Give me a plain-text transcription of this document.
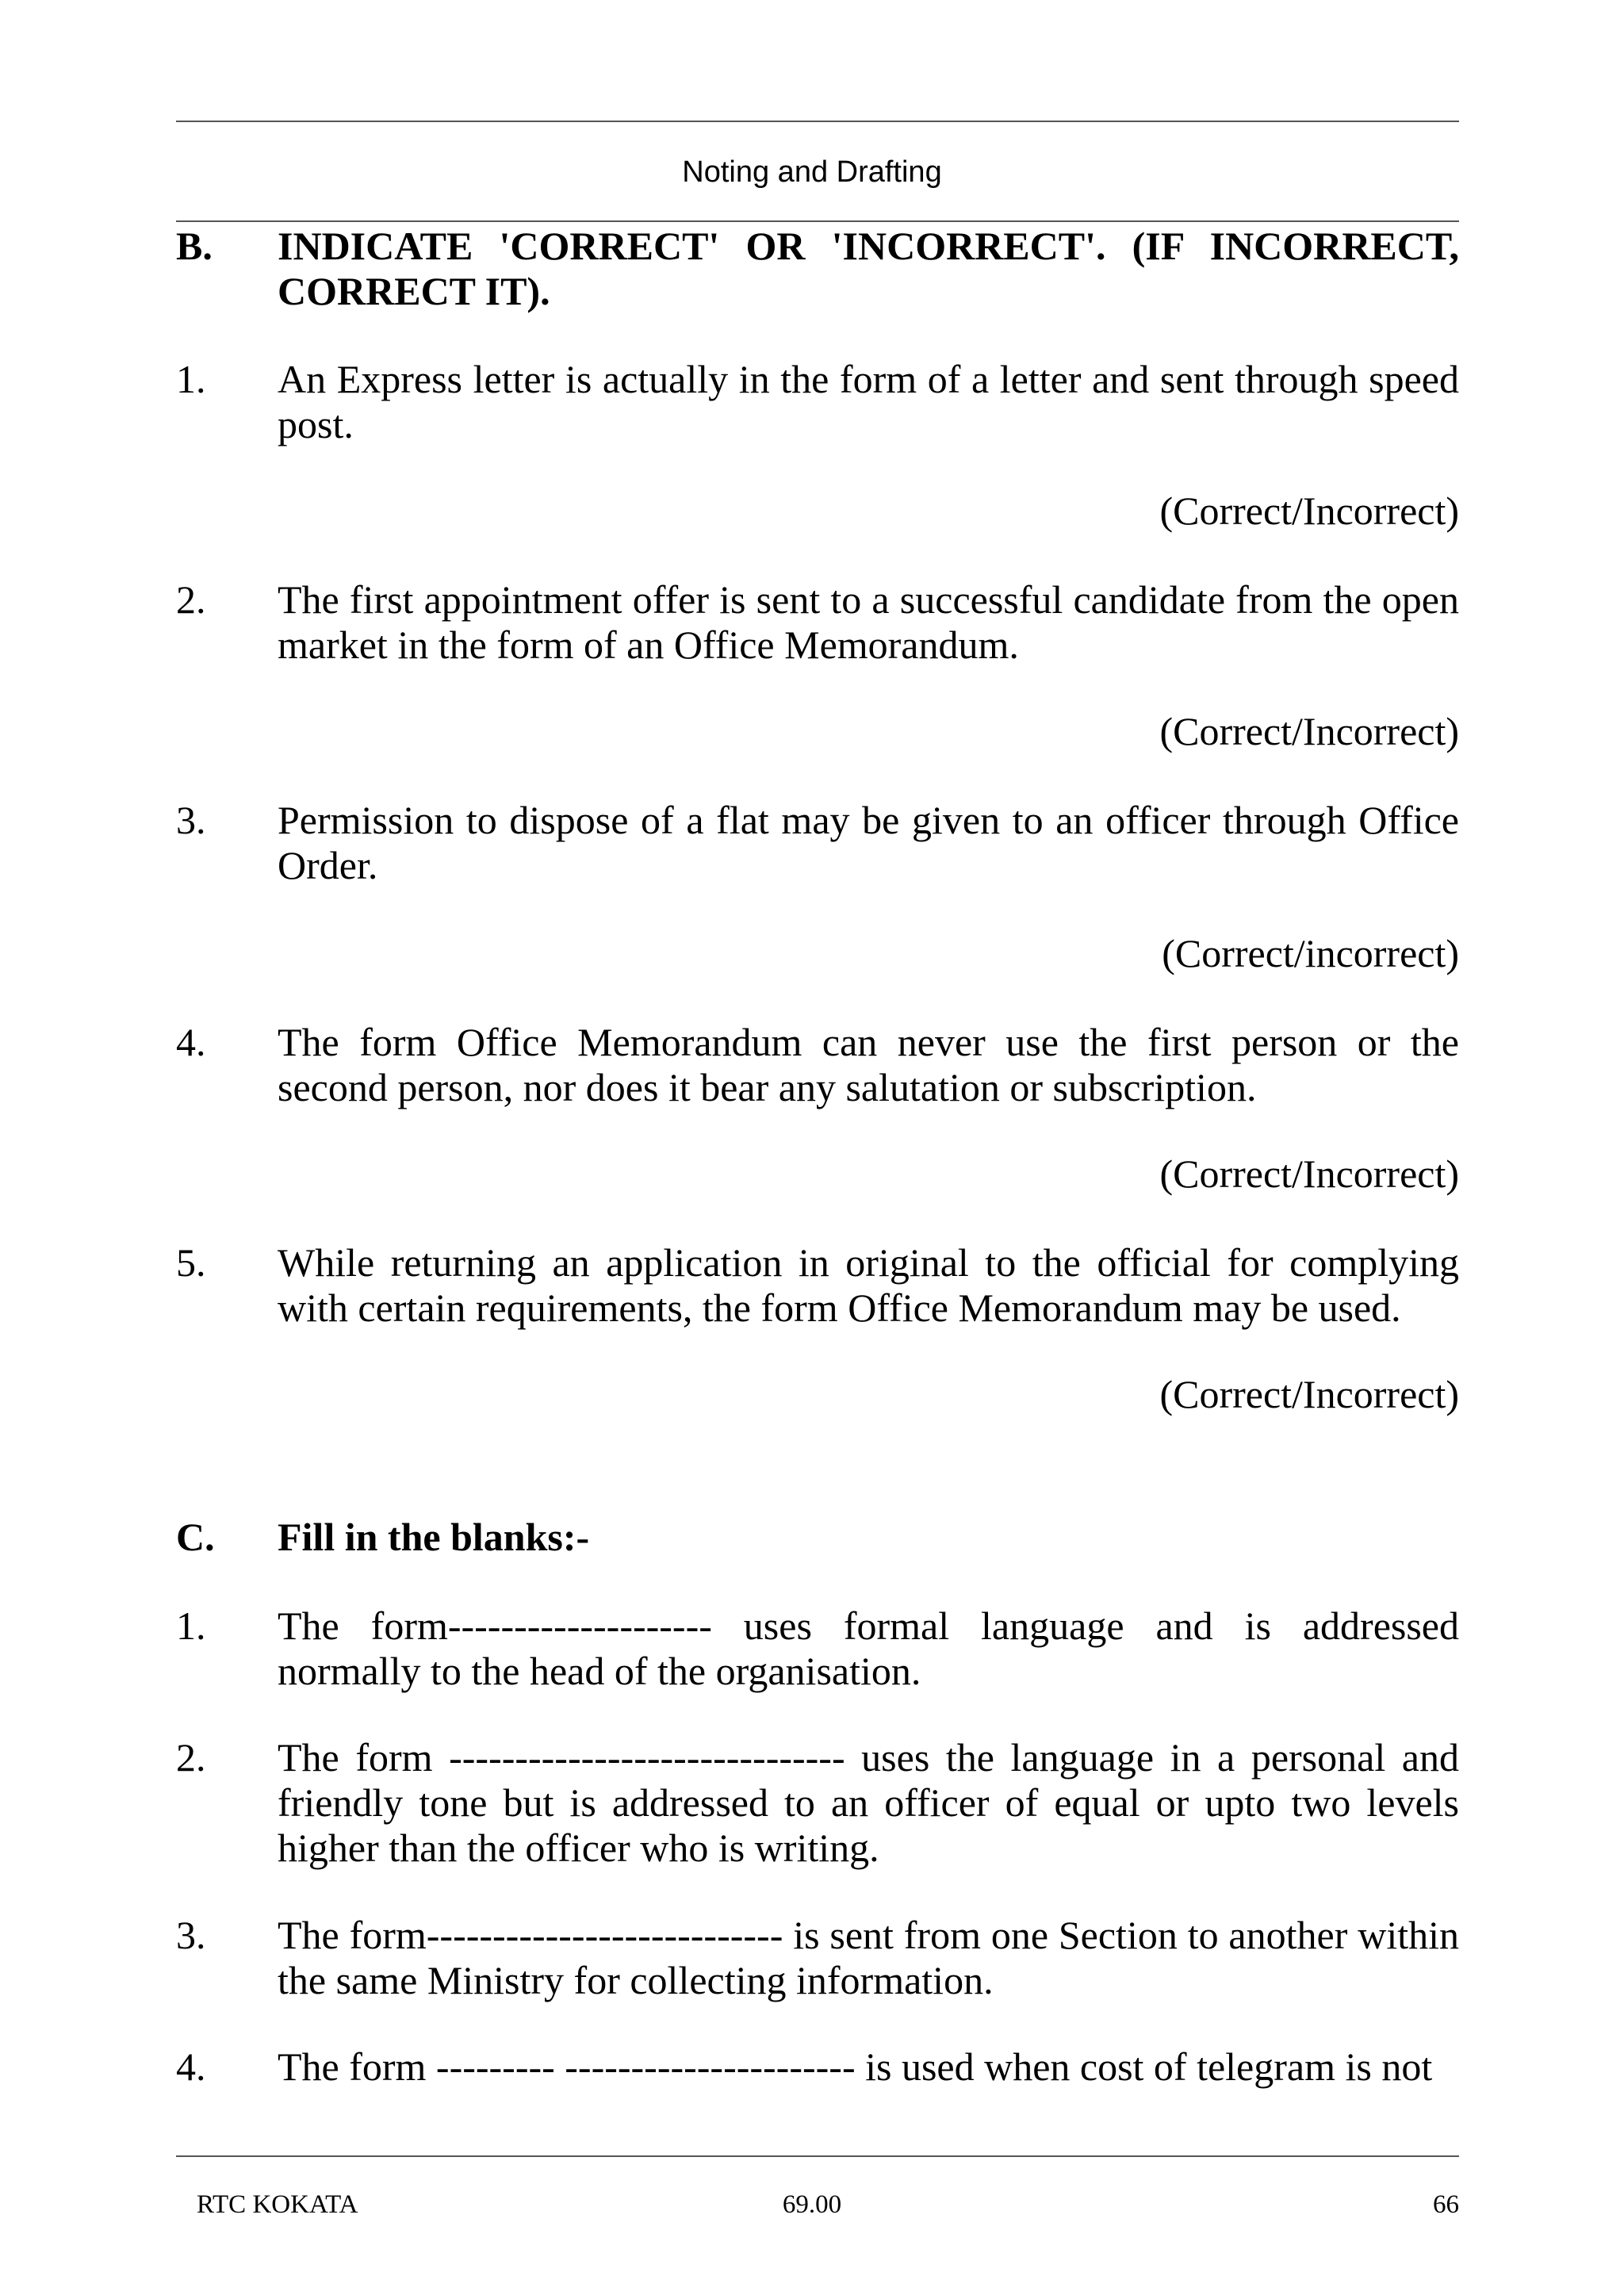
Noting and Drafting
B.	INDICATE 'CORRECT' OR 'INCORRECT'. (IF INCORRECT, CORRECT IT).
1.	An Express letter is actually in the form of a letter and sent through speed post.
(Correct/Incorrect)
2.	The first appointment offer is sent to a successful candidate from the open market in the form of an Office Memorandum.
(Correct/Incorrect)
3.	Permission to dispose of a flat may be given to an officer through Office Order.
(Correct/incorrect)
4.	The form Office Memorandum can never use the first person or the second person, nor does it bear any salutation or subscription.
(Correct/Incorrect)
5.	While returning an application in original to the official for complying with certain requirements, the form Office Memorandum may be used.
(Correct/Incorrect)
C.	Fill in the blanks:-
1.	The form-------------------- uses formal language and is addressed normally to the head of the organisation.
2.	The form ------------------------------ uses the language in a personal and friendly tone but is addressed to an officer of equal or upto two levels higher than the officer who is writing.
3.	The form--------------------------- is sent from one Section to another within the same Ministry for collecting information.
4.	The form --------- ---------------------- is used when cost of telegram is not
RTC KOKATA	69.00	66
